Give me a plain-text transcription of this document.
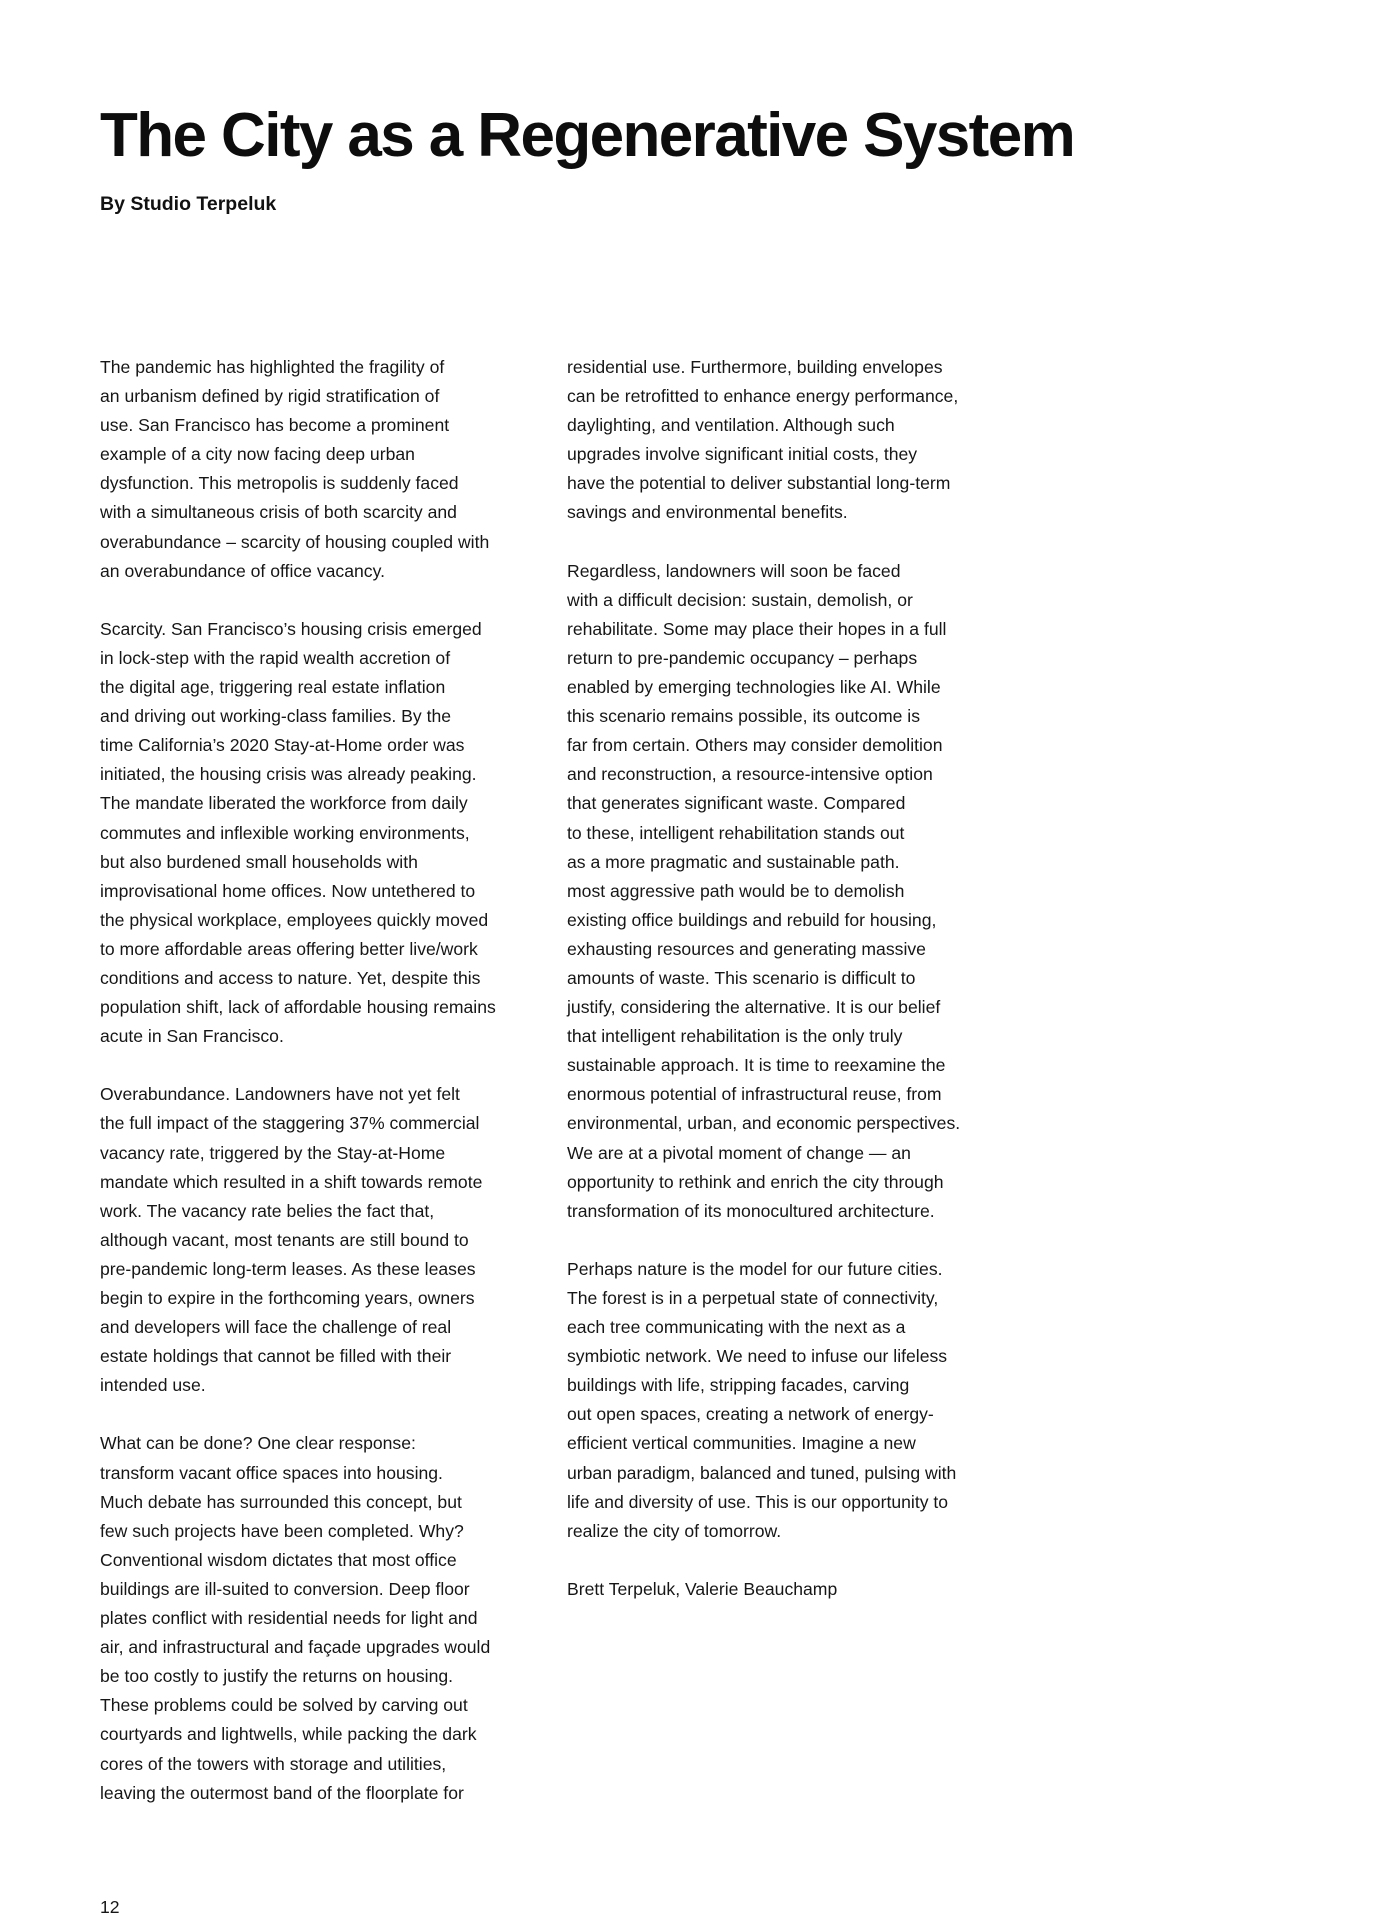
The City as a Regenerative System

By Studio Terpeluk

The pandemic has highlighted the fragility of
an urbanism defined by rigid stratification of
use. San Francisco has become a prominent
example of a city now facing deep urban
dysfunction. This metropolis is suddenly faced
with a simultaneous crisis of both scarcity and
overabundance – scarcity of housing coupled with
an overabundance of office vacancy.

Scarcity. San Francisco’s housing crisis emerged
in lock-step with the rapid wealth accretion of
the digital age, triggering real estate inflation
and driving out working-class families. By the
time California’s 2020 Stay-at-Home order was
initiated, the housing crisis was already peaking.
The mandate liberated the workforce from daily
commutes and inflexible working environments,
but also burdened small households with
improvisational home offices. Now untethered to
the physical workplace, employees quickly moved
to more affordable areas offering better live/work
conditions and access to nature. Yet, despite this
population shift, lack of affordable housing remains
acute in San Francisco.

Overabundance. Landowners have not yet felt
the full impact of the staggering 37% commercial
vacancy rate, triggered by the Stay-at-Home
mandate which resulted in a shift towards remote
work. The vacancy rate belies the fact that,
although vacant, most tenants are still bound to
pre-pandemic long-term leases. As these leases
begin to expire in the forthcoming years, owners
and developers will face the challenge of real
estate holdings that cannot be filled with their
intended use.

What can be done? One clear response:
transform vacant office spaces into housing.
Much debate has surrounded this concept, but
few such projects have been completed. Why?
Conventional wisdom dictates that most office
buildings are ill-suited to conversion. Deep floor
plates conflict with residential needs for light and
air, and infrastructural and façade upgrades would
be too costly to justify the returns on housing.
These problems could be solved by carving out
courtyards and lightwells, while packing the dark
cores of the towers with storage and utilities,
leaving the outermost band of the floorplate for

residential use. Furthermore, building envelopes
can be retrofitted to enhance energy performance,
daylighting, and ventilation. Although such
upgrades involve significant initial costs, they
have the potential to deliver substantial long-term
savings and environmental benefits.

Regardless, landowners will soon be faced
with a difficult decision: sustain, demolish, or
rehabilitate. Some may place their hopes in a full
return to pre-pandemic occupancy – perhaps
enabled by emerging technologies like AI. While
this scenario remains possible, its outcome is
far from certain. Others may consider demolition
and reconstruction, a resource-intensive option
that generates significant waste. Compared
to these, intelligent rehabilitation stands out
as a more pragmatic and sustainable path.
most aggressive path would be to demolish
existing office buildings and rebuild for housing,
exhausting resources and generating massive
amounts of waste. This scenario is difficult to
justify, considering the alternative. It is our belief
that intelligent rehabilitation is the only truly
sustainable approach. It is time to reexamine the
enormous potential of infrastructural reuse, from
environmental, urban, and economic perspectives.
We are at a pivotal moment of change — an
opportunity to rethink and enrich the city through
transformation of its monocultured architecture.

Perhaps nature is the model for our future cities.
The forest is in a perpetual state of connectivity,
each tree communicating with the next as a
symbiotic network. We need to infuse our lifeless
buildings with life, stripping facades, carving
out open spaces, creating a network of energy-
efficient vertical communities. Imagine a new
urban paradigm, balanced and tuned, pulsing with
life and diversity of use. This is our opportunity to
realize the city of tomorrow.

Brett Terpeluk, Valerie Beauchamp

12
